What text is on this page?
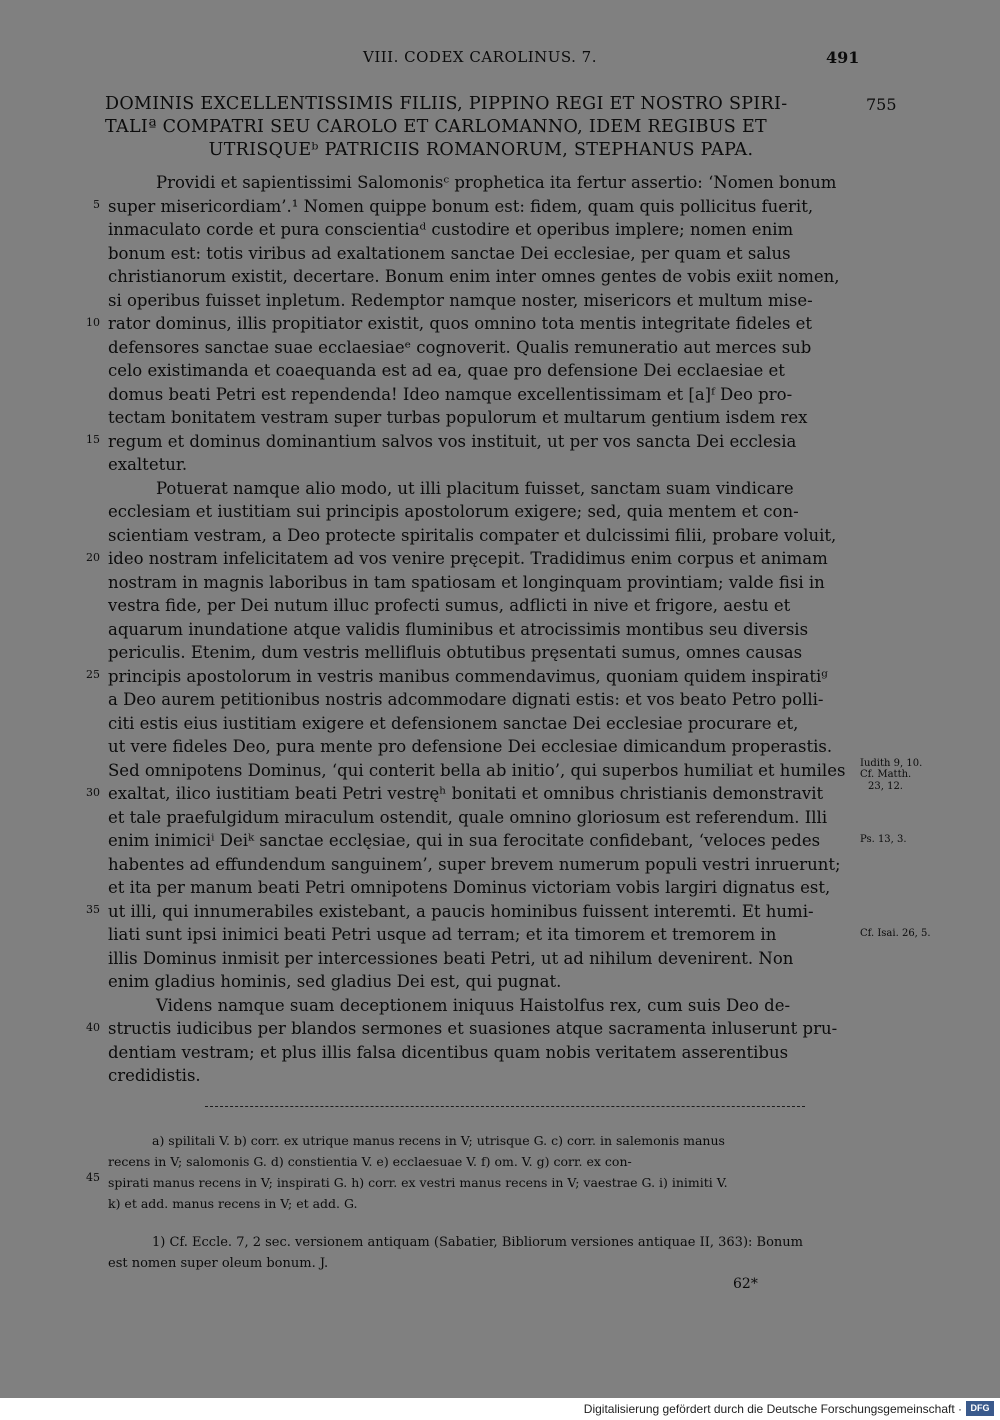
VIII. CODEX CAROLINUS. 7.	491
DOMINIS EXCELLENTISSIMIS FILIIS, PIPPINO REGI ET NOSTRO SPIRI-
TALIª COMPATRI SEU CAROLO ET CARLOMANNO, IDEM REGIBUS ET
UTRISQUEᵇ PATRICIIS ROMANORUM, STEPHANUS PAPA.
755
Providi et sapientissimi Salomonisᶜ prophetica ita fertur assertio: ‘Nomen bonum
super misericordiam’.¹ Nomen quippe bonum est: fidem, quam quis pollicitus fuerit,
inmaculato corde et pura conscientiaᵈ custodire et operibus implere; nomen enim
bonum est: totis viribus ad exaltationem sanctae Dei ecclesiae, per quam et salus
christianorum existit, decertare. Bonum enim inter omnes gentes de vobis exiit nomen,
si operibus fuisset inpletum. Redemptor namque noster, misericors et multum mise-
rator dominus, illis propitiator existit, quos omnino tota mentis integritate fideles et
defensores sanctae suae ecclaesiaeᵉ cognoverit. Qualis remuneratio aut merces sub
celo existimanda et coaequanda est ad ea, quae pro defensione Dei ecclaesiae et
domus beati Petri est rependenda! Ideo namque excellentissimam et [a]ᶠ Deo pro-
tectam bonitatem vestram super turbas populorum et multarum gentium isdem rex
regum et dominus dominantium salvos vos instituit, ut per vos sancta Dei ecclesia
exaltetur.
Potuerat namque alio modo, ut illi placitum fuisset, sanctam suam vindicare
ecclesiam et iustitiam sui principis apostolorum exigere; sed, quia mentem et con-
scientiam vestram, a Deo protecte spiritalis compater et dulcissimi filii, probare voluit,
ideo nostram infelicitatem ad vos venire pręcepit. Tradidimus enim corpus et animam
nostram in magnis laboribus in tam spatiosam et longinquam provintiam; valde fisi in
vestra fide, per Dei nutum illuc profecti sumus, adflicti in nive et frigore, aestu et
aquarum inundatione atque validis fluminibus et atrocissimis montibus seu diversis
periculis. Etenim, dum vestris mellifluis obtutibus pręsentati sumus, omnes causas
principis apostolorum in vestris manibus commendavimus, quoniam quidem inspiratiᵍ
a Deo aurem petitionibus nostris adcommodare dignati estis: et vos beato Petro polli-
citi estis eius iustitiam exigere et defensionem sanctae Dei ecclesiae procurare et,
ut vere fideles Deo, pura mente pro defensione Dei ecclesiae dimicandum properastis.
Sed omnipotens Dominus, ‘qui conterit bella ab initio’, qui superbos humiliat et humiles
exaltat, ilico iustitiam beati Petri vestręʰ bonitati et omnibus christianis demonstravit
et tale praefulgidum miraculum ostendit, quale omnino gloriosum est referendum. Illi
enim inimiciⁱ Deiᵏ sanctae ecclęsiae, qui in sua ferocitate confidebant, ‘veloces pedes
habentes ad effundendum sanguinem’, super brevem numerum populi vestri inruerunt;
et ita per manum beati Petri omnipotens Dominus victoriam vobis largiri dignatus est,
ut illi, qui innumerabiles existebant, a paucis hominibus fuissent interemti. Et humi-
liati sunt ipsi inimici beati Petri usque ad terram; et ita timorem et tremorem in
illis Dominus inmisit per intercessiones beati Petri, ut ad nihilum devenirent. Non
enim gladius hominis, sed gladius Dei est, qui pugnat.
Videns namque suam deceptionem iniquus Haistolfus rex, cum suis Deo de-
structis iudicibus per blandos sermones et suasiones atque sacramenta inluserunt pru-
dentiam vestram; et plus illis falsa dicentibus quam nobis veritatem asserentibus
credidistis.
5
10
15
20
25
30
35
40
45
Iudith 9, 10.
Cf. Matth.
23, 12.
Ps. 13, 3.
Cf. Isai. 26, 5.
a) spilitali V. b) corr. ex utrique manus recens in V; utrisque G. c) corr. in salemonis manus
recens in V; salomonis G. d) constientia V. e) ecclaesuae V. f) om. V. g) corr. ex con-
spirati manus recens in V; inspirati G. h) corr. ex vestri manus recens in V; vaestrae G. i) inimiti V.
k) et add. manus recens in V; et add. G.
1) Cf. Eccle. 7, 2 sec. versionem antiquam (Sabatier, Bibliorum versiones antiquae II, 363): Bonum
est nomen super oleum bonum. J.
62*
Digitalisierung gefördert durch die Deutsche Forschungsgemeinschaft · DFG
